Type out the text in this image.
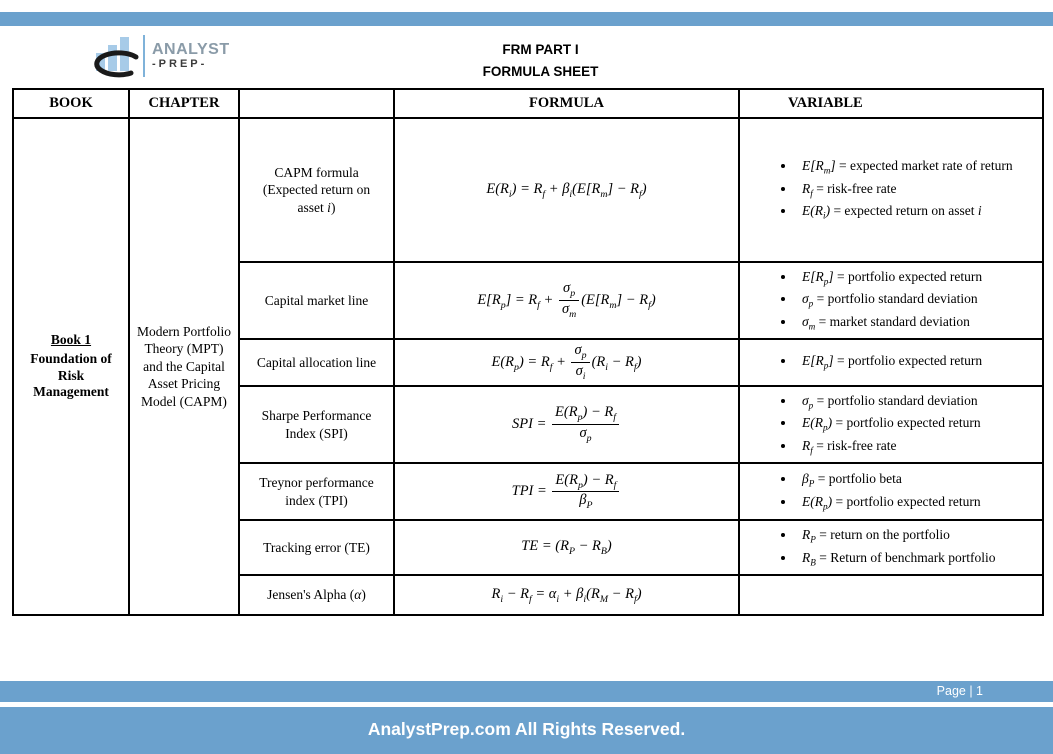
ANALYST
-PREP-
FRM PART I
FORMULA SHEET
BOOK	CHAPTER		FORMULA	VARIABLE

Book 1
Foundation of Risk Management
	Modern Portfolio Theory (MPT) and the Capital Asset Pricing Model (CAPM)	CAPM formula (Expected return on asset i)	$E(R_i) = R_f + \beta_i(E[R_m] - R_f)$	
• $E[R_m]$ = expected market rate of return
• $R_f$ = risk-free rate
• $E(R_i)$ = expected return on asset i

Capital market line	$E[R_p] = R_f + \frac{\sigma_p}{\sigma_m} (E[R_m] - R_f)$	
• $E[R_p]$ = portfolio expected return
• $\sigma_p$ = portfolio standard deviation
• $\sigma_m$ = market standard deviation

Capital allocation line	$E(R_p) = R_f + \frac{\sigma_p}{\sigma_i} (R_i - R_f)$	
$•E[R_p]$ = portfolio expected return

Sharpe Performance Index (SPI)	SPI = $\frac{E(R_p) - R_f}{\sigma_p}$

• $\sigma_p$ = portfolio standard deviation
• $E(R_p)$ = portfolio expected return
• $R_f$ = risk-free rate

Treynor performance index (TPI)	TPI = $\frac{E(R_p) - R_f}{\beta_P}$

$•\beta_P$ = portfolio beta
• $E(R_p)$ = portfolio expected return

Tracking error (TE)	TE = $(R_P - R_B)$	
• $R_P$ = return on the portfolio
• $R_B$ = Return of benchmark portfolio

		Jensen's Alpha (α)	$R_i - R_f = \alpha_i + \beta_i(R_M - R_f)$	
Page | 1
AnalystPrep.com All Rights Reserved.
